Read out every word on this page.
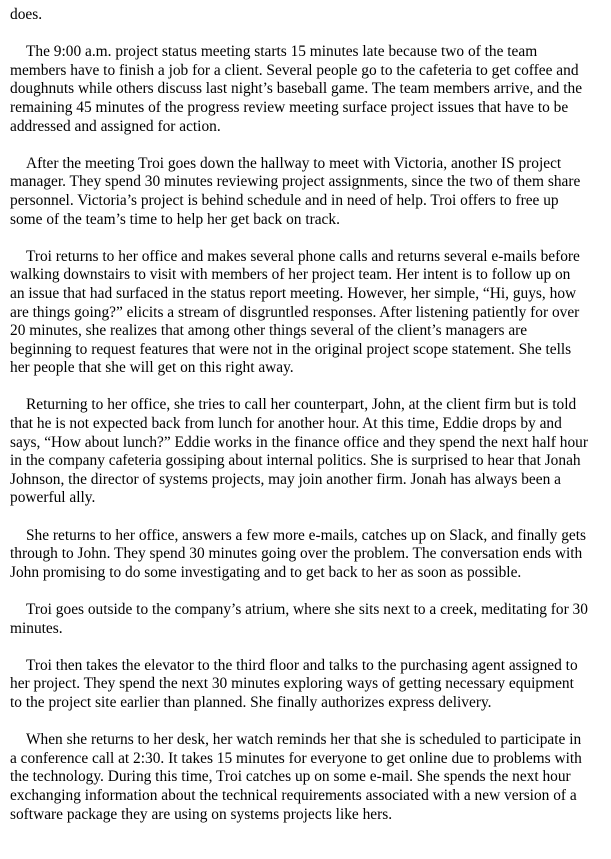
does.

The 9:00 a.m. project status meeting starts 15 minutes late because two of the team members have to finish a job for a client. Several people go to the cafeteria to get coffee and doughnuts while others discuss last night’s baseball game. The team members arrive, and the remaining 45 minutes of the progress review meeting surface project issues that have to be addressed and assigned for action.

After the meeting Troi goes down the hallway to meet with Victoria, another IS project manager. They spend 30 minutes reviewing project assignments, since the two of them share personnel. Victoria’s project is behind schedule and in need of help. Troi offers to free up some of the team’s time to help her get back on track.

Troi returns to her office and makes several phone calls and returns several e-mails before walking downstairs to visit with members of her project team. Her intent is to follow up on an issue that had surfaced in the status report meeting. However, her simple, “Hi, guys, how are things going?” elicits a stream of disgruntled responses. After listening patiently for over 20 minutes, she realizes that among other things several of the client’s managers are beginning to request features that were not in the original project scope statement. She tells her people that she will get on this right away.

Returning to her office, she tries to call her counterpart, John, at the client firm but is told that he is not expected back from lunch for another hour. At this time, Eddie drops by and says, “How about lunch?” Eddie works in the finance office and they spend the next half hour in the company cafeteria gossiping about internal politics. She is surprised to hear that Jonah Johnson, the director of systems projects, may join another firm. Jonah has always been a powerful ally.

She returns to her office, answers a few more e-mails, catches up on Slack, and finally gets through to John. They spend 30 minutes going over the problem. The conversation ends with John promising to do some investigating and to get back to her as soon as possible.

Troi goes outside to the company’s atrium, where she sits next to a creek, meditating for 30 minutes.

Troi then takes the elevator to the third floor and talks to the purchasing agent assigned to her project. They spend the next 30 minutes exploring ways of getting necessary equipment to the project site earlier than planned. She finally authorizes express delivery.

When she returns to her desk, her watch reminds her that she is scheduled to participate in a conference call at 2:30. It takes 15 minutes for everyone to get online due to problems with the technology. During this time, Troi catches up on some e-mail. She spends the next hour exchanging information about the technical requirements associated with a new version of a software package they are using on systems projects like hers.
